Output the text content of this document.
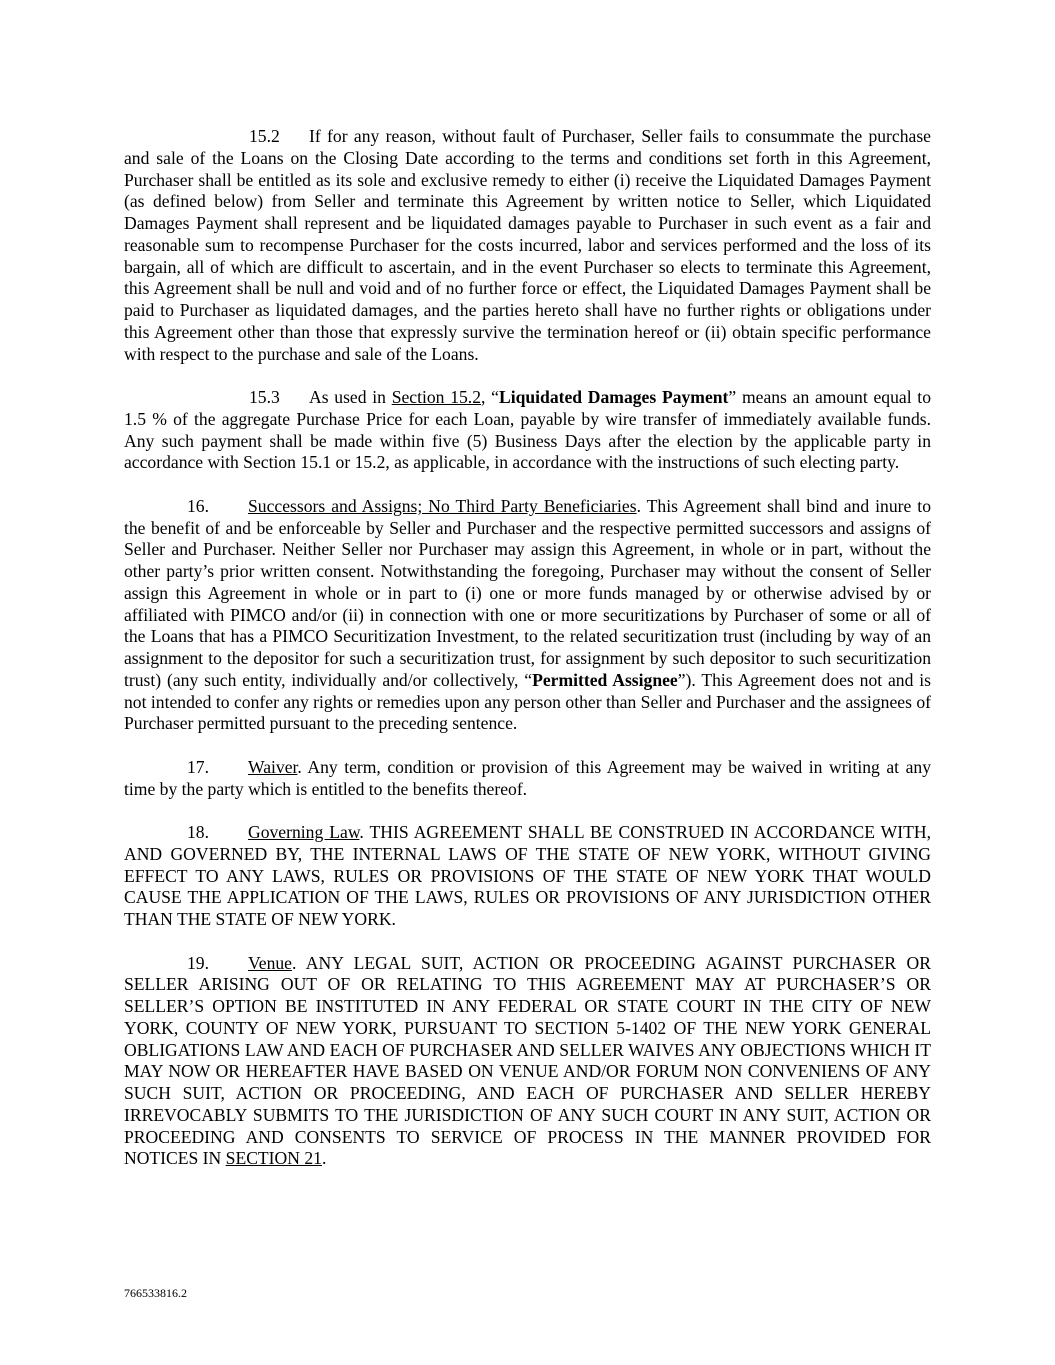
15.2 If for any reason, without fault of Purchaser, Seller fails to consummate the purchase and sale of the Loans on the Closing Date according to the terms and conditions set forth in this Agreement, Purchaser shall be entitled as its sole and exclusive remedy to either (i) receive the Liquidated Damages Payment (as defined below) from Seller and terminate this Agreement by written notice to Seller, which Liquidated Damages Payment shall represent and be liquidated damages payable to Purchaser in such event as a fair and reasonable sum to recompense Purchaser for the costs incurred, labor and services performed and the loss of its bargain, all of which are difficult to ascertain, and in the event Purchaser so elects to terminate this Agreement, this Agreement shall be null and void and of no further force or effect, the Liquidated Damages Payment shall be paid to Purchaser as liquidated damages, and the parties hereto shall have no further rights or obligations under this Agreement other than those that expressly survive the termination hereof or (ii) obtain specific performance with respect to the purchase and sale of the Loans.

15.3 As used in Section 15.2, “Liquidated Damages Payment” means an amount equal to 1.5 % of the aggregate Purchase Price for each Loan, payable by wire transfer of immediately available funds. Any such payment shall be made within five (5) Business Days after the election by the applicable party in accordance with Section 15.1 or 15.2, as applicable, in accordance with the instructions of such electing party.

16. Successors and Assigns; No Third Party Beneficiaries. This Agreement shall bind and inure to the benefit of and be enforceable by Seller and Purchaser and the respective permitted successors and assigns of Seller and Purchaser. Neither Seller nor Purchaser may assign this Agreement, in whole or in part, without the other party’s prior written consent. Notwithstanding the foregoing, Purchaser may without the consent of Seller assign this Agreement in whole or in part to (i) one or more funds managed by or otherwise advised by or affiliated with PIMCO and/or (ii) in connection with one or more securitizations by Purchaser of some or all of the Loans that has a PIMCO Securitization Investment, to the related securitization trust (including by way of an assignment to the depositor for such a securitization trust, for assignment by such depositor to such securitization trust) (any such entity, individually and/or collectively, “Permitted Assignee”). This Agreement does not and is not intended to confer any rights or remedies upon any person other than Seller and Purchaser and the assignees of Purchaser permitted pursuant to the preceding sentence.

17. Waiver. Any term, condition or provision of this Agreement may be waived in writing at any time by the party which is entitled to the benefits thereof.

18. Governing Law. THIS AGREEMENT SHALL BE CONSTRUED IN ACCORDANCE WITH, AND GOVERNED BY, THE INTERNAL LAWS OF THE STATE OF NEW YORK, WITHOUT GIVING EFFECT TO ANY LAWS, RULES OR PROVISIONS OF THE STATE OF NEW YORK THAT WOULD CAUSE THE APPLICATION OF THE LAWS, RULES OR PROVISIONS OF ANY JURISDICTION OTHER THAN THE STATE OF NEW YORK.

19. Venue. ANY LEGAL SUIT, ACTION OR PROCEEDING AGAINST PURCHASER OR SELLER ARISING OUT OF OR RELATING TO THIS AGREEMENT MAY AT PURCHASER’S OR SELLER’S OPTION BE INSTITUTED IN ANY FEDERAL OR STATE COURT IN THE CITY OF NEW YORK, COUNTY OF NEW YORK, PURSUANT TO SECTION 5-1402 OF THE NEW YORK GENERAL OBLIGATIONS LAW AND EACH OF PURCHASER AND SELLER WAIVES ANY OBJECTIONS WHICH IT MAY NOW OR HEREAFTER HAVE BASED ON VENUE AND/OR FORUM NON CONVENIENS OF ANY SUCH SUIT, ACTION OR PROCEEDING, AND EACH OF PURCHASER AND SELLER HEREBY IRREVOCABLY SUBMITS TO THE JURISDICTION OF ANY SUCH COURT IN ANY SUIT, ACTION OR PROCEEDING AND CONSENTS TO SERVICE OF PROCESS IN THE MANNER PROVIDED FOR NOTICES IN SECTION 21.

766533816.2
